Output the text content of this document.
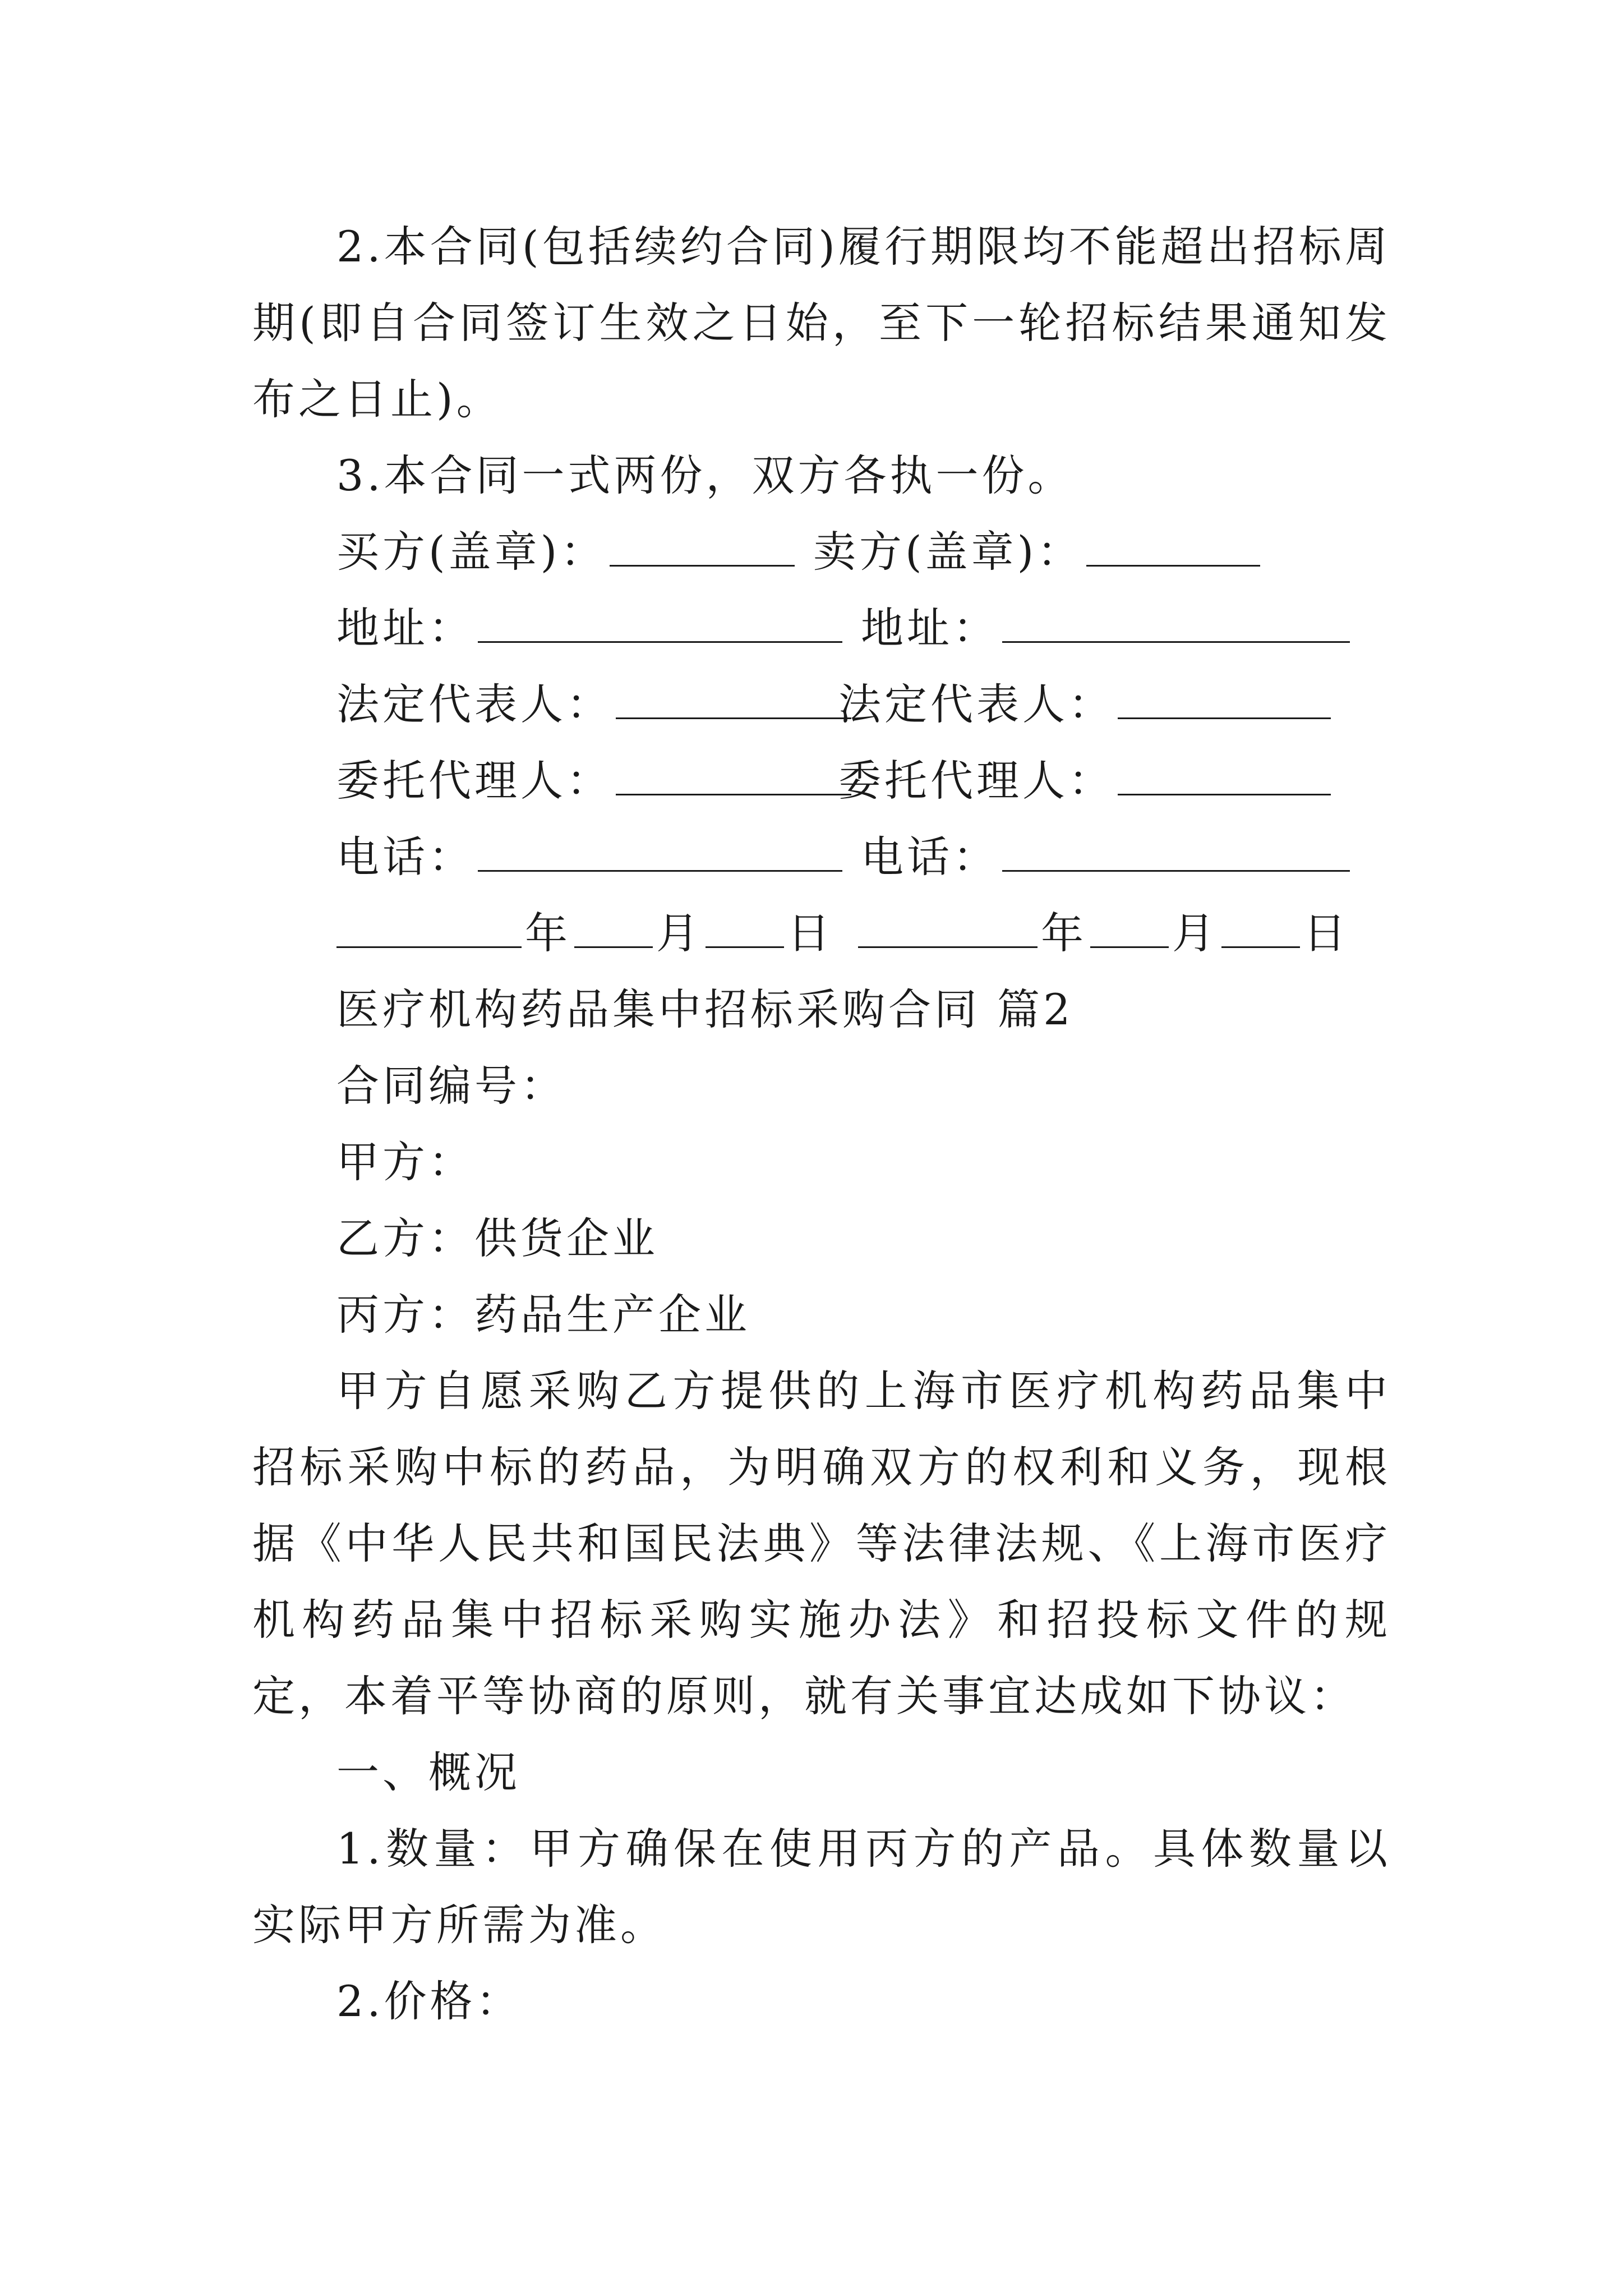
2.本合同(包括续约合同)履行期限均不能超出招标周期(即自合同签订生效之日始，至下一轮招标结果通知发布之日止)。

3.本合同一式两份，双方各执一份。

买方(盖章)：	卖方(盖章)：
地址：	地址：
法定代表人：	法定代表人：
委托代理人：	委托代理人：
电话：	电话：
年 月 日	年 月 日

医疗机构药品集中招标采购合同 篇2

合同编号：

甲方：

乙方：供货企业

丙方：药品生产企业

甲方自愿采购乙方提供的上海市医疗机构药品集中招标采购中标的药品，为明确双方的权利和义务，现根据《中华人民共和国民法典》等法律法规、《上海市医疗机构药品集中招标采购实施办法》和招投标文件的规定，本着平等协商的原则，就有关事宜达成如下协议：

一、概况

1.数量：甲方确保在使用丙方的产品。具体数量以实际甲方所需为准。

2.价格：
